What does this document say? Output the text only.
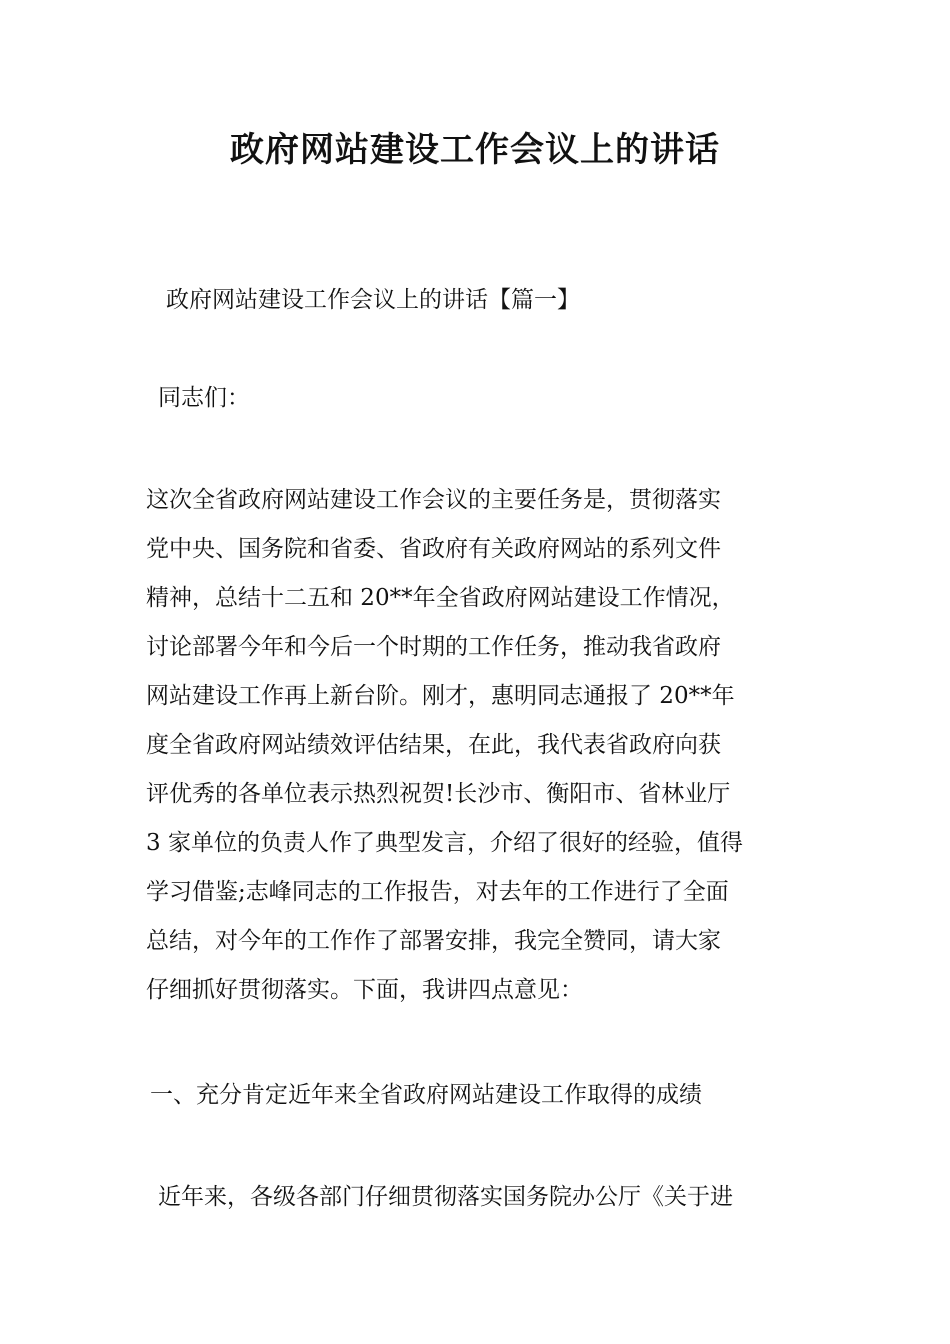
政府网站建设工作会议上的讲话
政府网站建设工作会议上的讲话【篇一】
同志们：
这次全省政府网站建设工作会议的主要任务是，贯彻落实
党中央、国务院和省委、省政府有关政府网站的系列文件
精神，总结十二五和 20**年全省政府网站建设工作情况，
讨论部署今年和今后一个时期的工作任务，推动我省政府
网站建设工作再上新台阶。刚才，惠明同志通报了 20**年
度全省政府网站绩效评估结果，在此，我代表省政府向获
评优秀的各单位表示热烈祝贺!长沙市、衡阳市、省林业厅
3 家单位的负责人作了典型发言，介绍了很好的经验，值得
学习借鉴;志峰同志的工作报告，对去年的工作进行了全面
总结，对今年的工作作了部署安排，我完全赞同，请大家
仔细抓好贯彻落实。下面，我讲四点意见：
一、充分肯定近年来全省政府网站建设工作取得的成绩
近年来，各级各部门仔细贯彻落实国务院办公厅《关于进
